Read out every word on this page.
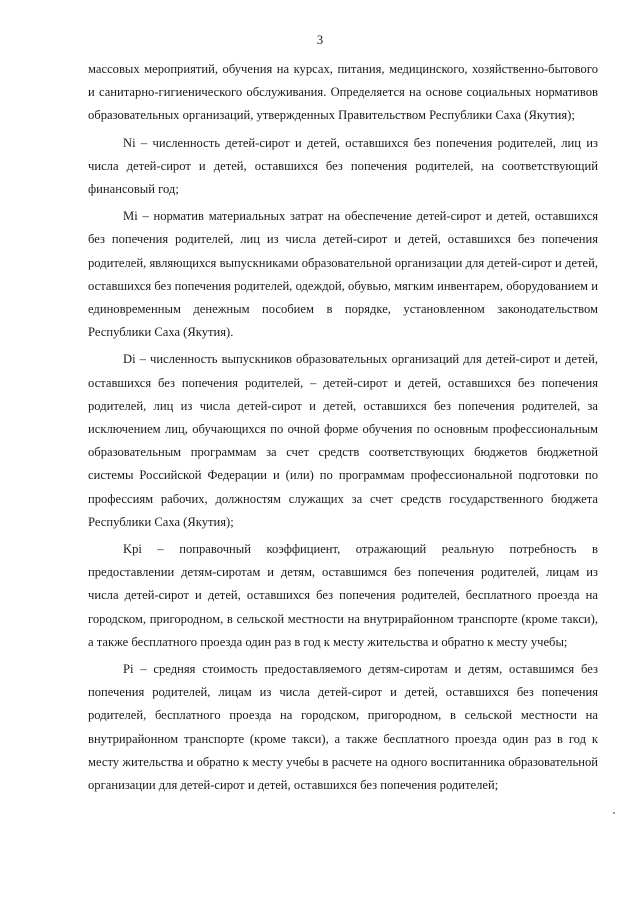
3

массовых мероприятий, обучения на курсах, питания, медицинского, хозяйственно-бытового и санитарно-гигиенического обслуживания. Определяется на основе социальных нормативов образовательных организаций, утвержденных Правительством Республики Саха (Якутия);

Ni – численность детей-сирот и детей, оставшихся без попечения родителей, лиц из числа детей-сирот и детей, оставшихся без попечения родителей, на соответствующий финансовый год;

Mi – норматив материальных затрат на обеспечение детей-сирот и детей, оставшихся без попечения родителей, лиц из числа детей-сирот и детей, оставшихся без попечения родителей, являющихся выпускниками образовательной организации для детей-сирот и детей, оставшихся без попечения родителей, одеждой, обувью, мягким инвентарем, оборудованием и единовременным денежным пособием в порядке, установленном законодательством Республики Саха (Якутия).

Di – численность выпускников образовательных организаций для детей-сирот и детей, оставшихся без попечения родителей, – детей-сирот и детей, оставшихся без попечения родителей, лиц из числа детей-сирот и детей, оставшихся без попечения родителей, за исключением лиц, обучающихся по очной форме обучения по основным профессиональным образовательным программам за счет средств соответствующих бюджетов бюджетной системы Российской Федерации и (или) по программам профессиональной подготовки по профессиям рабочих, должностям служащих за счет средств государственного бюджета Республики Саха (Якутия);

Kpi – поправочный коэффициент, отражающий реальную потребность в предоставлении детям-сиротам и детям, оставшимся без попечения родителей, лицам из числа детей-сирот и детей, оставшихся без попечения родителей, бесплатного проезда на городском, пригородном, в сельской местности на внутрирайонном транспорте (кроме такси), а также бесплатного проезда один раз в год к месту жительства и обратно к месту учебы;

Pi – средняя стоимость предоставляемого детям-сиротам и детям, оставшимся без попечения родителей, лицам из числа детей-сирот и детей, оставшихся без попечения родителей, бесплатного проезда на городском, пригородном, в сельской местности на внутрирайонном транспорте (кроме такси), а также бесплатного проезда один раз в год к месту жительства и обратно к месту учебы в расчете на одного воспитанника образовательной организации для детей-сирот и детей, оставшихся без попечения родителей;
